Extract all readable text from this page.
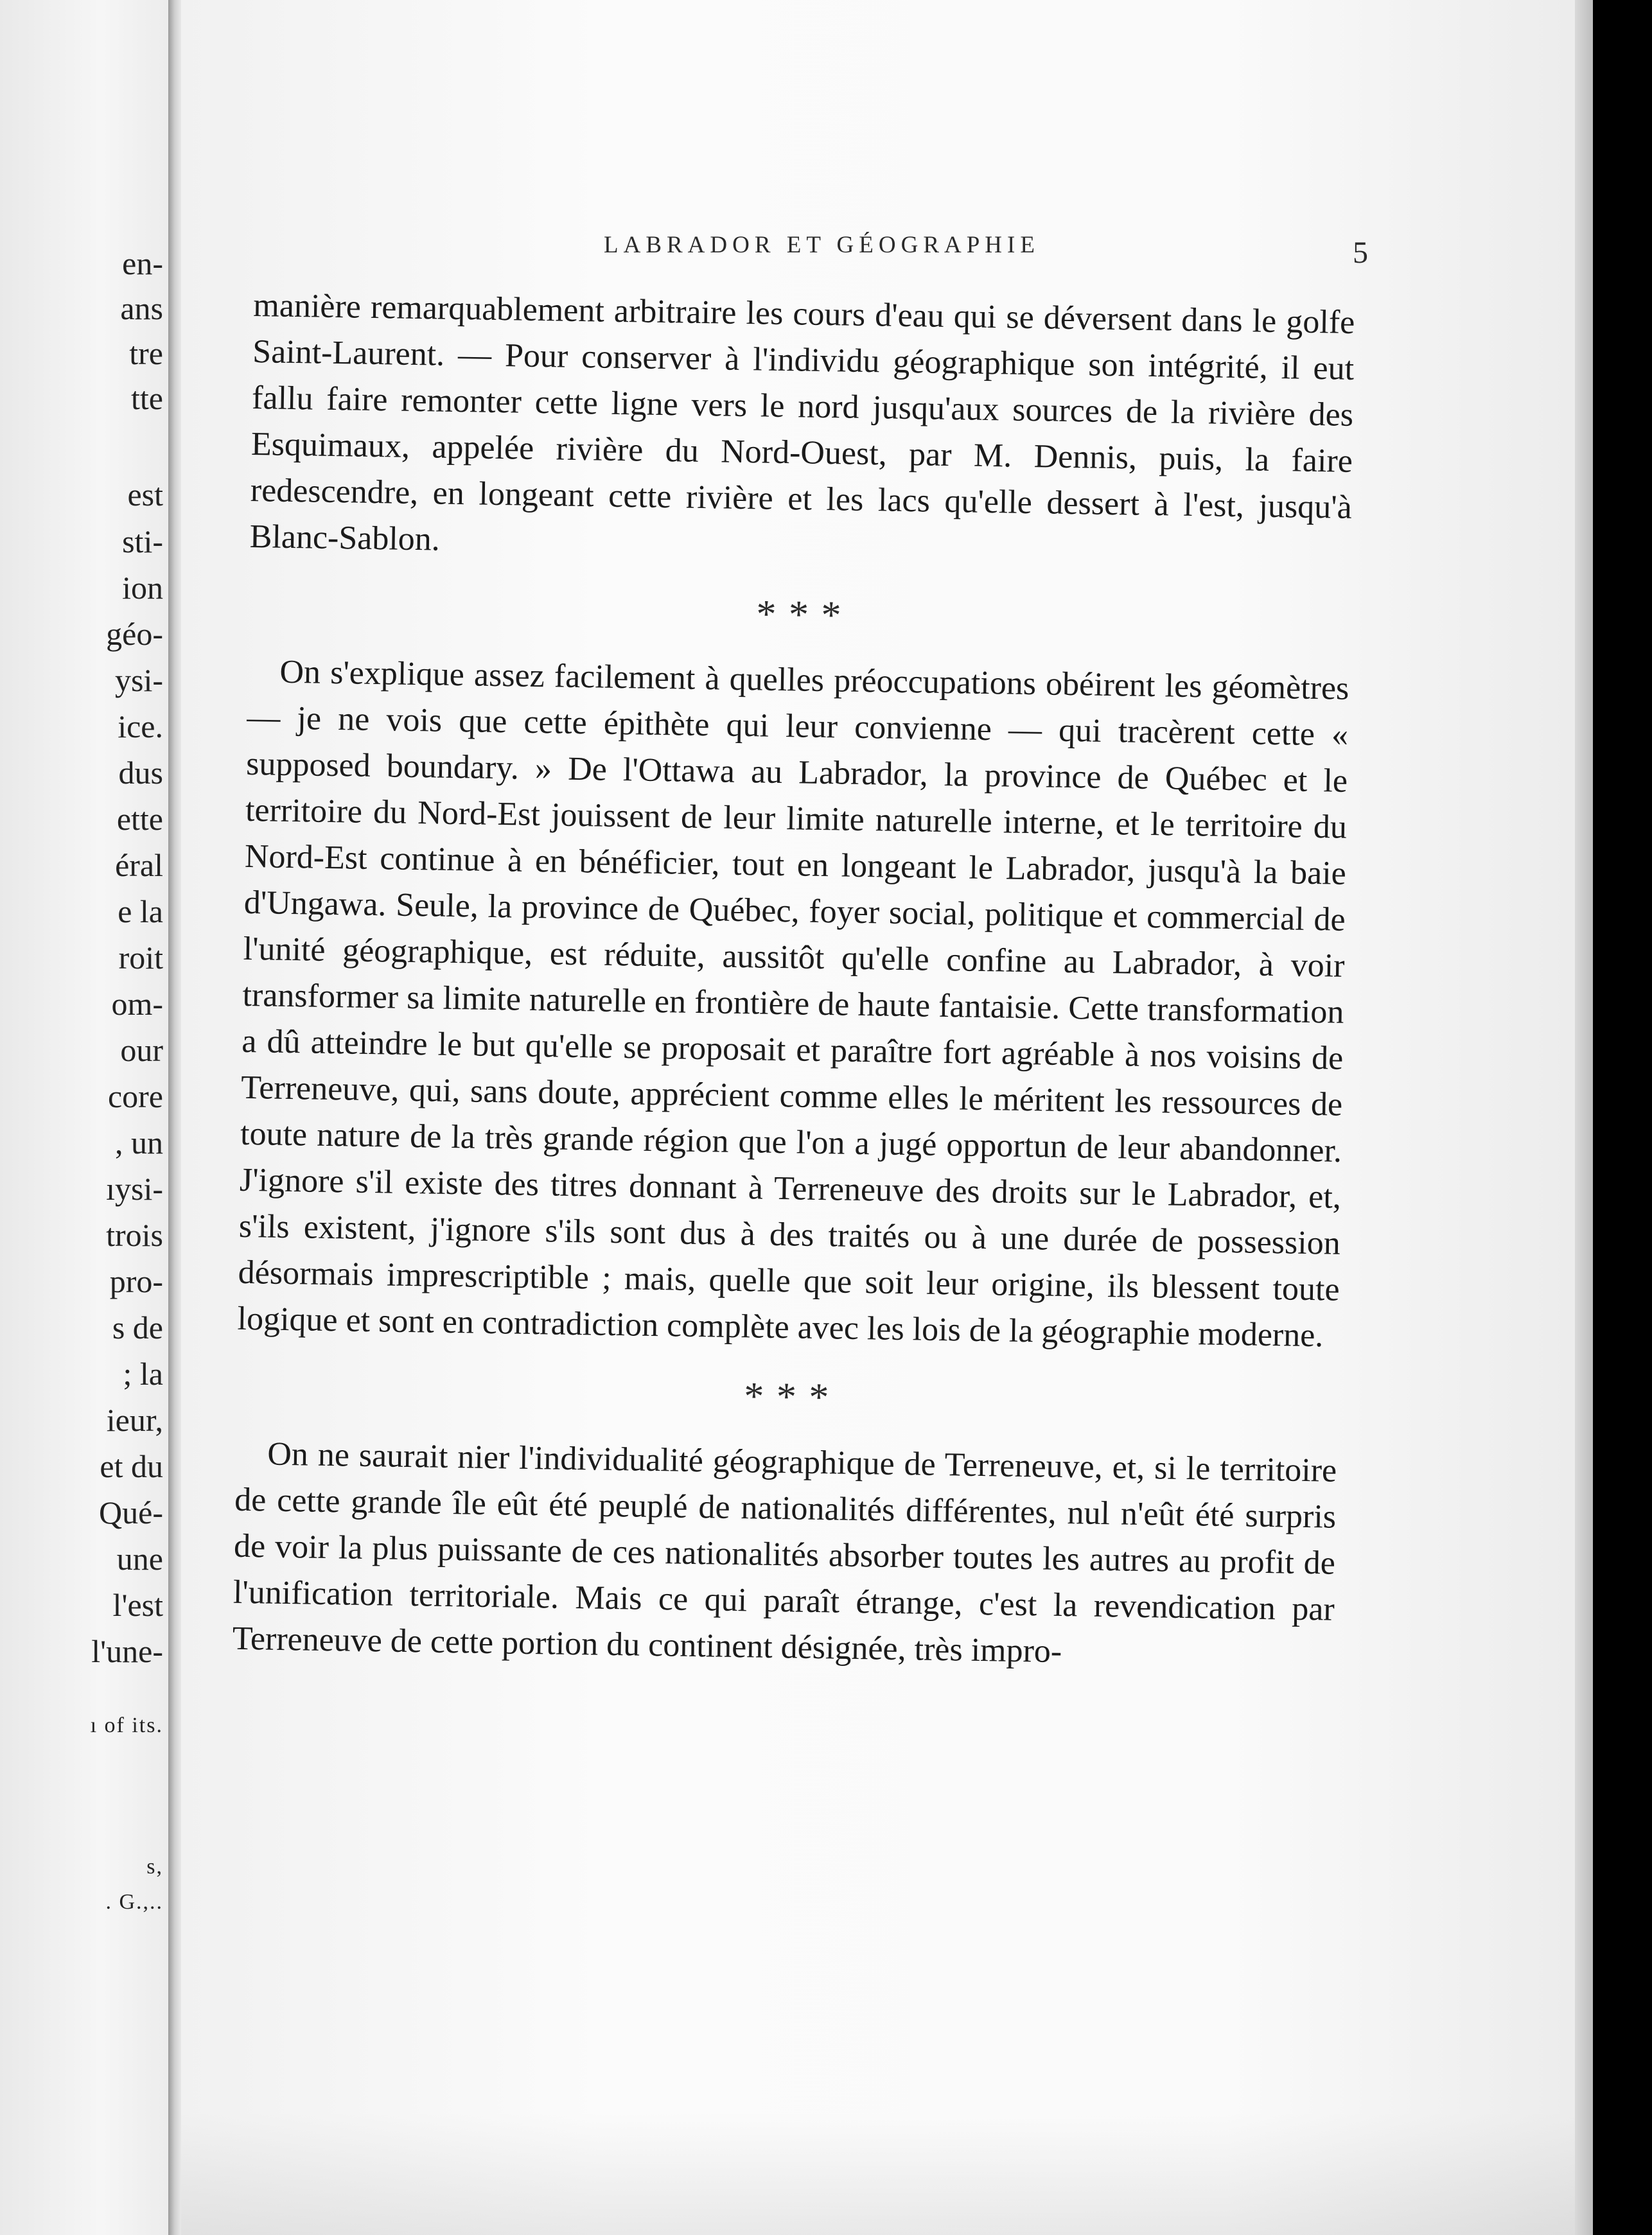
en-

ans

tre

tte

est

sti-

ion

géo-

ysi-

ice.

dus

ette

éral

e la

roit

om-

our

core

, un

ıysi-

trois

pro-

s de

; la

ieur,

et du

Qué-

une

l'est

l'une-

ı of its.

s,

. G.,..

LABRADOR ET GÉOGRAPHIE	5

manière remarquablement arbitraire les cours d'eau qui se déversent dans le golfe Saint-Laurent. — Pour conserver à l'individu géographique son intégrité, il eut fallu faire remonter cette ligne vers le nord jusqu'aux sources de la rivière des Esquimaux, appelée rivière du Nord-Ouest, par M. Dennis, puis, la faire redescendre, en longeant cette rivière et les lacs qu'elle dessert à l'est, jusqu'à Blanc-Sablon.

* * *

On s'explique assez facilement à quelles préoccupations obéirent les géomètres — je ne vois que cette épithète qui leur convienne — qui tracèrent cette « supposed boundary. » De l'Ottawa au Labrador, la province de Québec et le territoire du Nord-Est jouissent de leur limite naturelle interne, et le territoire du Nord-Est continue à en bénéficier, tout en longeant le Labrador, jusqu'à la baie d'Ungawa. Seule, la province de Québec, foyer social, politique et commercial de l'unité géographique, est réduite, aussitôt qu'elle confine au Labrador, à voir transformer sa limite naturelle en frontière de haute fantaisie. Cette transformation a dû atteindre le but qu'elle se proposait et paraître fort agréable à nos voisins de Terreneuve, qui, sans doute, apprécient comme elles le méritent les ressources de toute nature de la très grande région que l'on a jugé opportun de leur abandonner. J'ignore s'il existe des titres donnant à Terreneuve des droits sur le Labrador, et, s'ils existent, j'ignore s'ils sont dus à des traités ou à une durée de possession désormais imprescriptible ; mais, quelle que soit leur origine, ils blessent toute logique et sont en contradiction complète avec les lois de la géographie moderne.

* * *

On ne saurait nier l'individualité géographique de Terreneuve, et, si le territoire de cette grande île eût été peuplé de nationalités différentes, nul n'eût été surpris de voir la plus puissante de ces nationalités absorber toutes les autres au profit de l'unification territoriale. Mais ce qui paraît étrange, c'est la revendication par Terreneuve de cette portion du continent désignée, très impro-
